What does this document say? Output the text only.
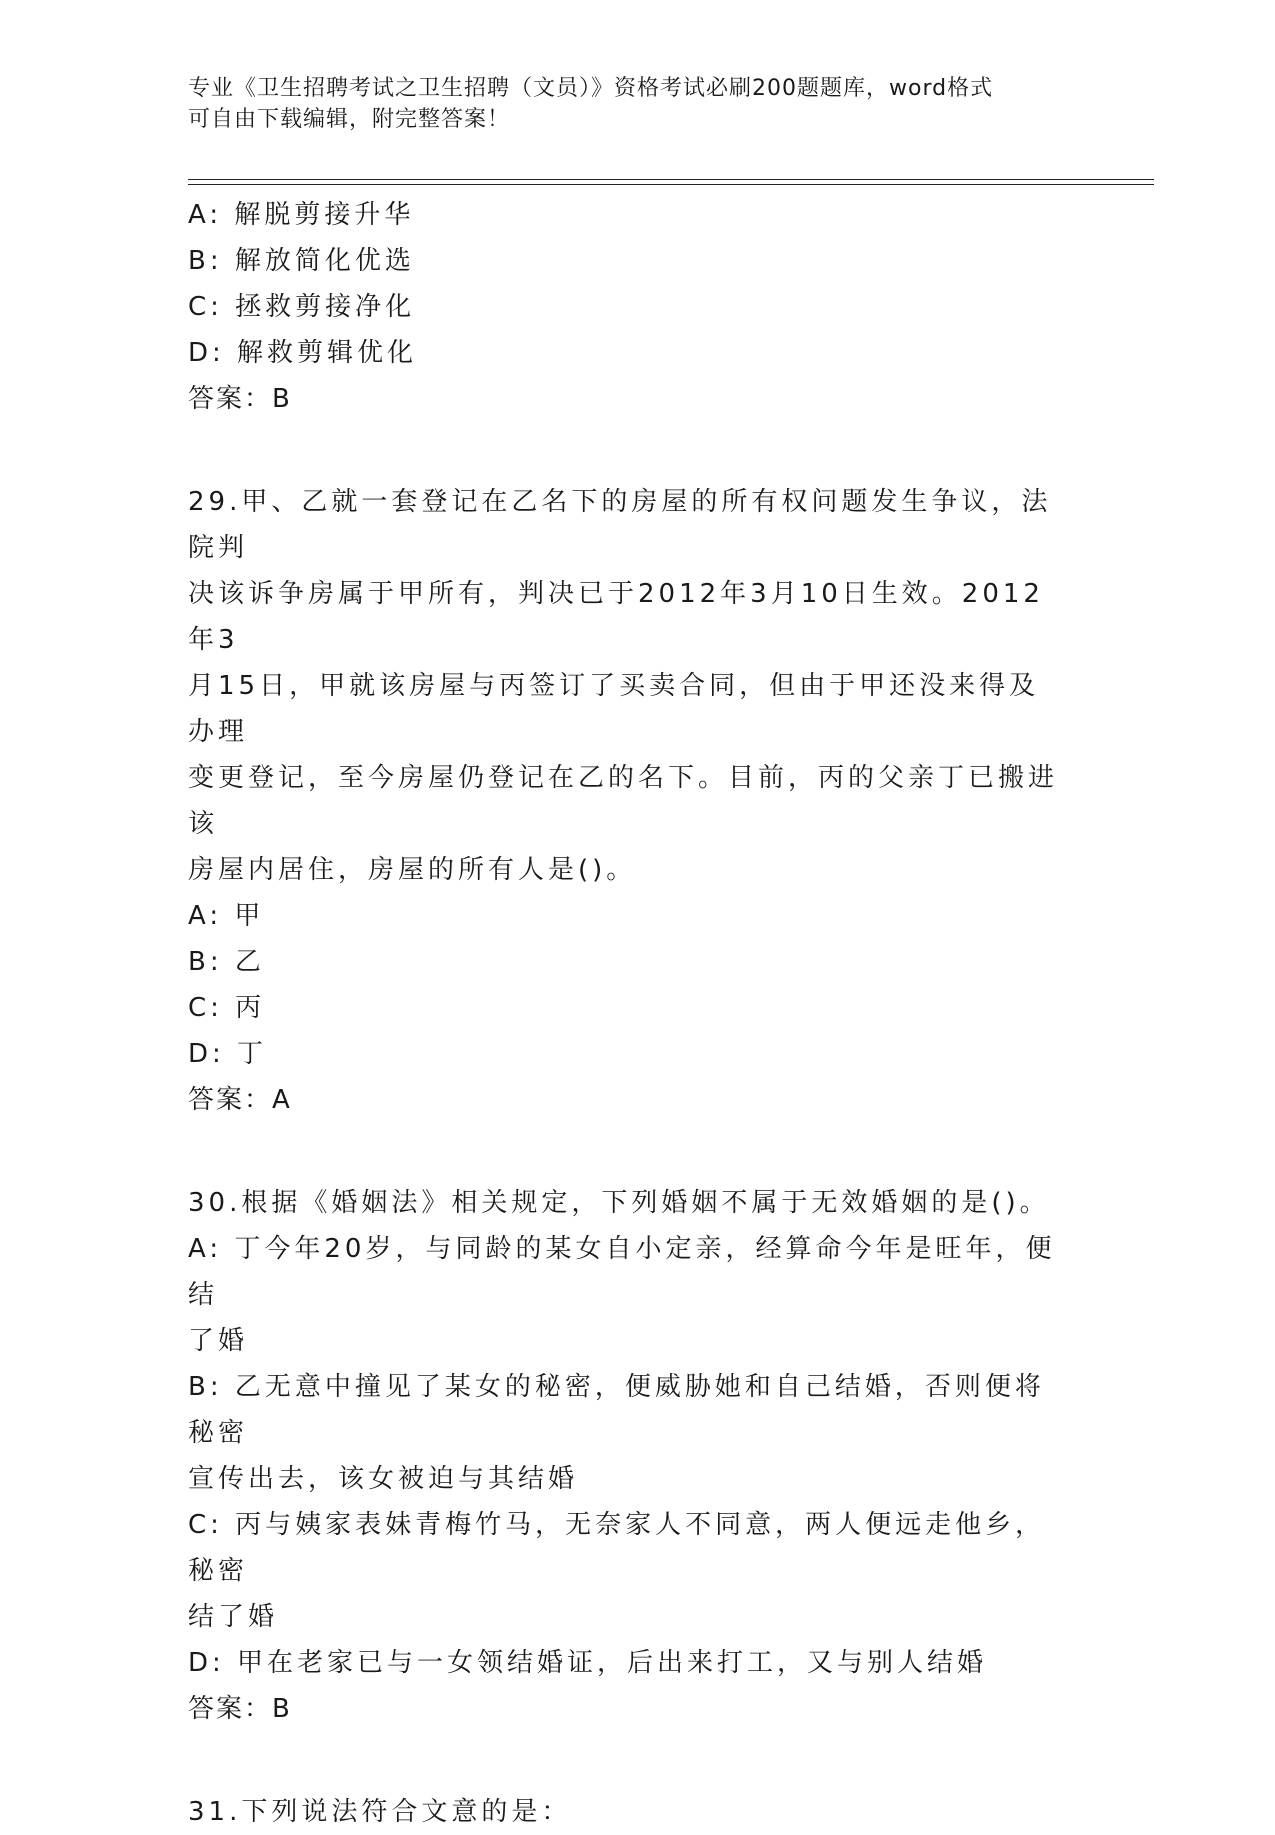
专业《卫生招聘考试之卫生招聘（文员）》资格考试必刷200题题库，word格式
可自由下载编辑，附完整答案！
A: 解脱剪接升华
B: 解放简化优选
C: 拯救剪接净化
D: 解救剪辑优化
答案：B
29.甲、乙就一套登记在乙名下的房屋的所有权问题发生争议，法院判
决该诉争房属于甲所有，判决已于2012年3月10日生效。2012年3
月15日，甲就该房屋与丙签订了买卖合同，但由于甲还没来得及办理
变更登记，至今房屋仍登记在乙的名下。目前，丙的父亲丁已搬进该
房屋内居住，房屋的所有人是()。
A: 甲
B: 乙
C: 丙
D: 丁
答案：A
30.根据《婚姻法》相关规定，下列婚姻不属于无效婚姻的是()。
A: 丁今年20岁，与同龄的某女自小定亲，经算命今年是旺年，便结
了婚
B: 乙无意中撞见了某女的秘密，便威胁她和自己结婚，否则便将秘密
宣传出去，该女被迫与其结婚
C: 丙与姨家表妹青梅竹马，无奈家人不同意，两人便远走他乡，秘密
结了婚
D: 甲在老家已与一女领结婚证，后出来打工，又与别人结婚
答案：B
31.下列说法符合文意的是：
